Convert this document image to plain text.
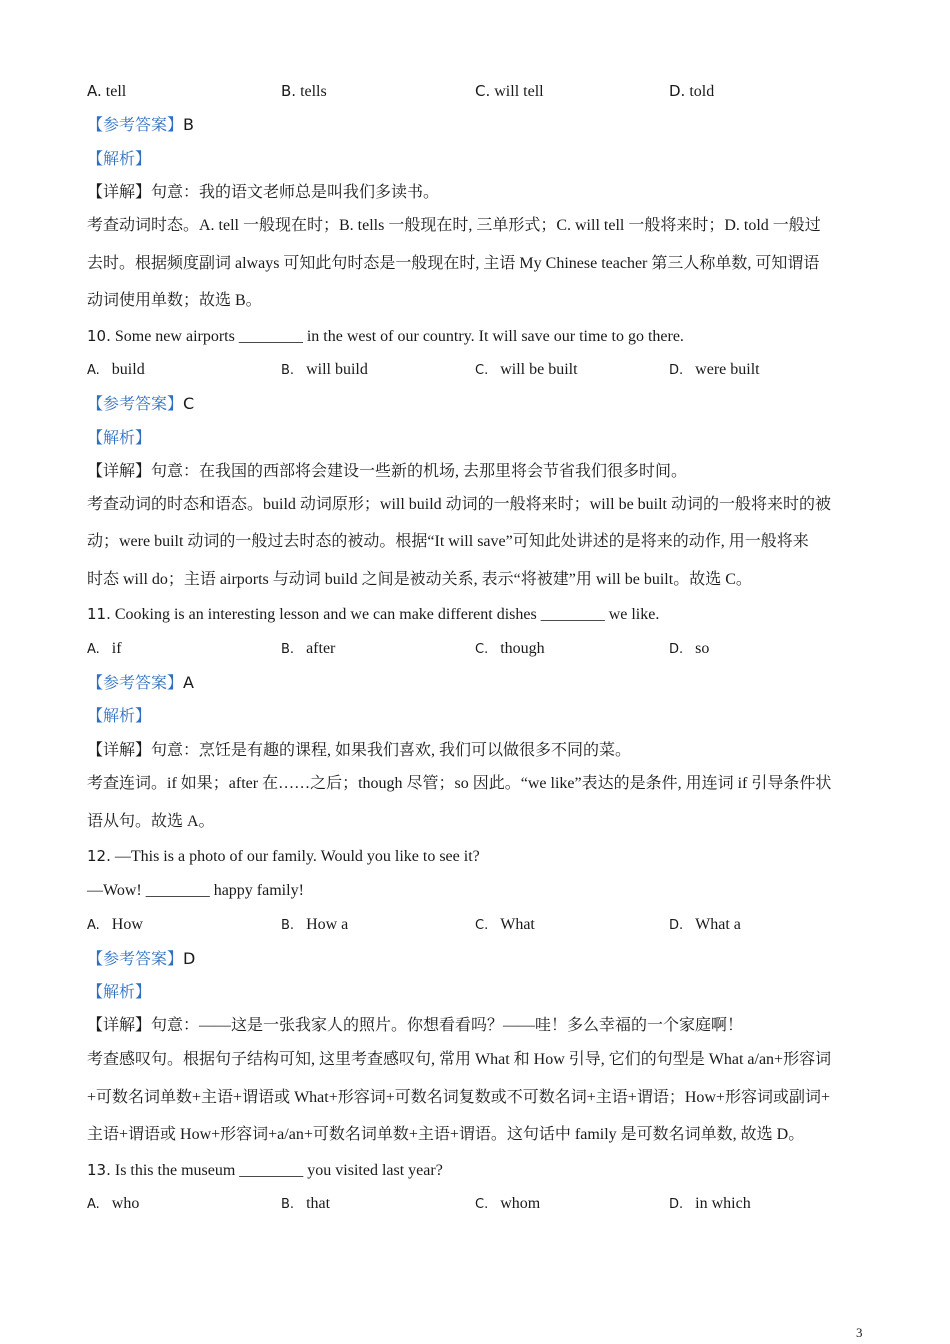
A. tell	B. tells	C. will tell	D. told
【参考答案】B
【解析】
【详解】句意：我的语文老师总是叫我们多读书。
考查动词时态。A. tell 一般现在时；B. tells 一般现在时, 三单形式；C. will tell 一般将来时；D. told 一般过
去时。根据频度副词 always 可知此句时态是一般现在时, 主语 My Chinese teacher 第三人称单数, 可知谓语
动词使用单数；故选 B。
10. Some new airports ________ in the west of our country. It will save our time to go there.
A. build	B. will build	C. will be built	D. were built
【参考答案】C
【解析】
【详解】句意：在我国的西部将会建设一些新的机场, 去那里将会节省我们很多时间。
考查动词的时态和语态。build 动词原形；will build 动词的一般将来时；will be built 动词的一般将来时的被
动；were built 动词的一般过去时态的被动。根据“It will save”可知此处讲述的是将来的动作, 用一般将来
时态 will do；主语 airports 与动词 build 之间是被动关系, 表示“将被建”用 will be built。故选 C。
11. Cooking is an interesting lesson and we can make different dishes ________ we like.
A. if	B. after	C. though	D. so
【参考答案】A
【解析】
【详解】句意：烹饪是有趣的课程, 如果我们喜欢, 我们可以做很多不同的菜。
考查连词。if 如果；after 在……之后；though 尽管；so 因此。“we like”表达的是条件, 用连词 if 引导条件状
语从句。故选 A。
12. —This is a photo of our family. Would you like to see it?
—Wow! ________ happy family!
A. How	B. How a	C. What	D. What a
【参考答案】D
【解析】
【详解】句意：——这是一张我家人的照片。你想看看吗？——哇！多么幸福的一个家庭啊！
考查感叹句。根据句子结构可知, 这里考查感叹句, 常用 What 和 How 引导, 它们的句型是 What a/an+形容词
+可数名词单数+主语+谓语或 What+形容词+可数名词复数或不可数名词+主语+谓语；How+形容词或副词+
主语+谓语或 How+形容词+a/an+可数名词单数+主语+谓语。这句话中 family 是可数名词单数, 故选 D。
13. Is this the museum ________ you visited last year?
A. who	B. that	C. whom	D. in which
3
